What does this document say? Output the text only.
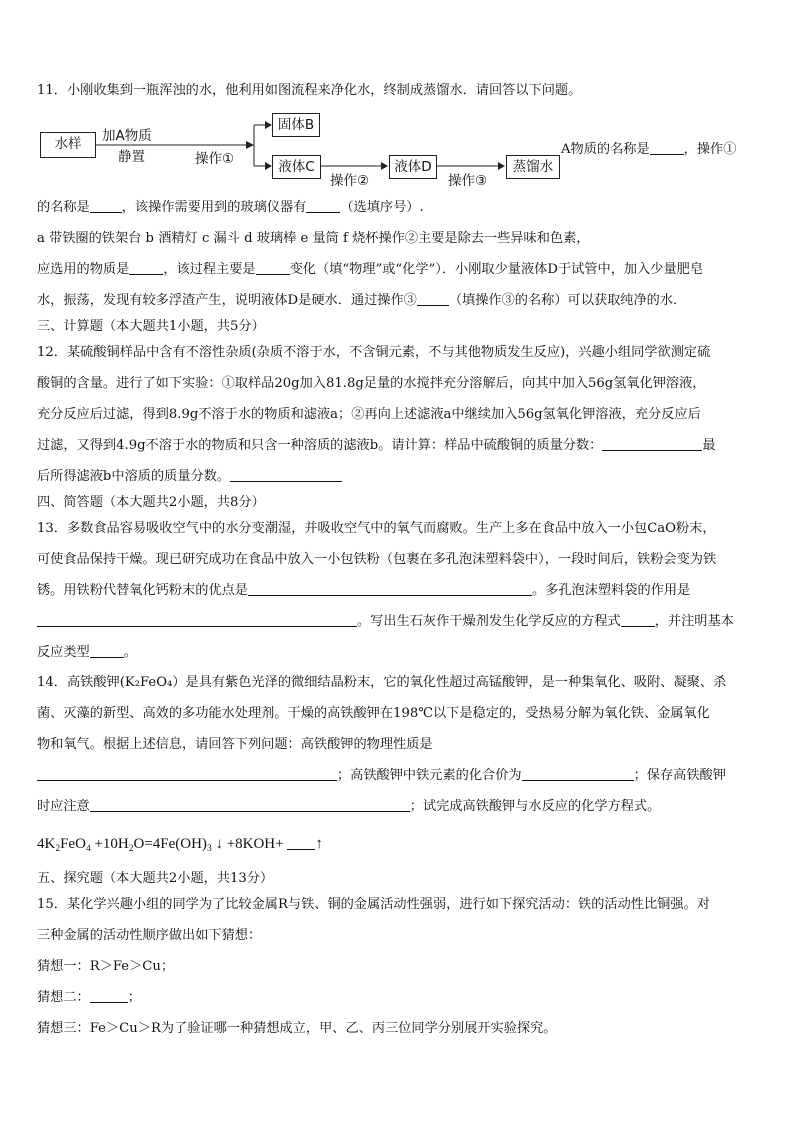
11．小刚收集到一瓶浑浊的水，他利用如图流程来净化水，终制成蒸馏水．请回答以下问题。
水样	加A物质
静置	操作①
固体B
液体C
操作②
液体D
操作③
蒸馏水
A物质的名称是	，操作①
的名称是 ，该操作需要用到的玻璃仪器有	（选填序号）.
a 带铁圈的铁架台 b 酒精灯 c 漏斗 d 玻璃棒 e 量筒 f 烧杯操作②主要是除去一些异味和色素，
应选用的物质是	，该过程主要是	变化（填“物理”或“化学”）．小刚取少量液体D于试管中，加入少量肥皂
水，振荡，发现有较多浮渣产生，说明液体D是硬水．通过操作③ （填操作③的名称）可以获取纯净的水．
三、计算题（本大题共1小题，共5分）
12．某硫酸铜样品中含有不溶性杂质(杂质不溶于水，不含铜元素，不与其他物质发生反应)，兴趣小组同学欲测定硫
酸铜的含量。进行了如下实验：①取样品20g加入81.8g足量的水搅拌充分溶解后，向其中加入56g氢氧化钾溶液，
充分反应后过滤，得到8.9g不溶于水的物质和滤液a；②再向上述滤液a中继续加入56g氢氧化钾溶液，充分反应后
过滤，又得到4.9g不溶于水的物质和只含一种溶质的滤液b。请计算：样品中硫酸铜的质量分数：	最
后所得滤液b中溶质的质量分数。
四、简答题（本大题共2小题，共8分）
13．多数食品容易吸收空气中的水分变潮湿，并吸收空气中的氧气而腐败。生产上多在食品中放入一小包CaO粉末，
可使食品保持干燥。现已研究成功在食品中放入一小包铁粉（包裹在多孔泡沫塑料袋中），一段时间后，铁粉会变为铁
锈。用铁粉代替氧化钙粉末的优点是	。多孔泡沫塑料袋的作用是
。写出生石灰作干燥剂发生化学反应的方程式	，并注明基本
反应类型	。
14．高铁酸钾(K₂FeO₄）是具有紫色光泽的微细结晶粉末，它的氧化性超过高锰酸钾，是一种集氧化、吸附、凝聚、杀
菌、灭藻的新型、高效的多功能水处理剂。干燥的高铁酸钾在198℃以下是稳定的，受热易分解为氧化铁、金属氧化
物和氧气。根据上述信息，请回答下列问题：高铁酸钾的物理性质是
；高铁酸钾中铁元素的化合价为	；保存高铁酸钾
时应注意	；试完成高铁酸钾与水反应的化学方程式。
$4K_2FeO_4 +10H_2O=4Fe(OH)_3$ ↓ +8KOH+ ↑
五、探究题（本大题共2小题，共13分）
15．某化学兴趣小组的同学为了比较金属R与铁、铜的金属活动性强弱，进行如下探究活动：铁的活动性比铜强。对
三种金属的活动性顺序做出如下猜想：
猜想一：R＞Fe＞Cu；
猜想二：	；
猜想三：Fe＞Cu＞R为了验证哪一种猜想成立，甲、乙、丙三位同学分别展开实验探究。
